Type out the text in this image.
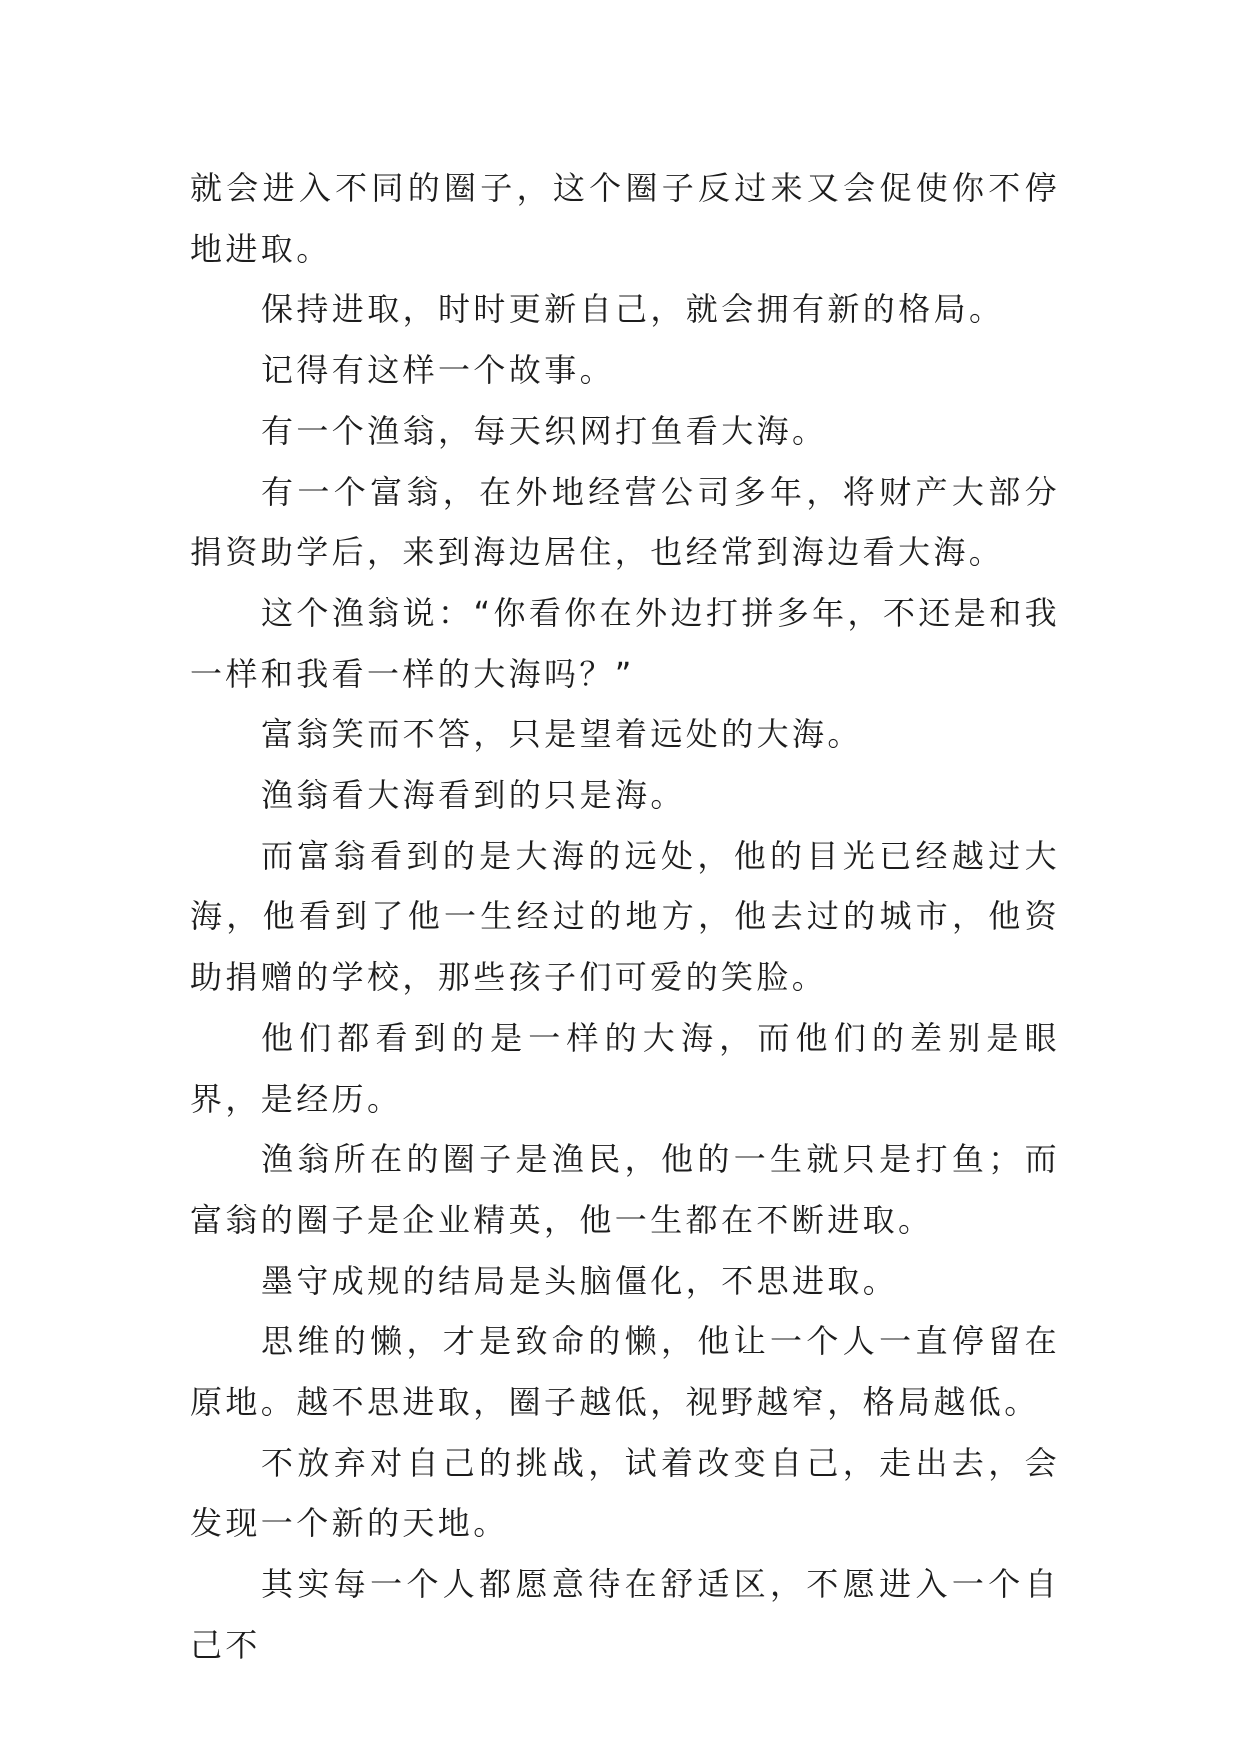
就会进入不同的圈子，这个圈子反过来又会促使你不停地进取。

保持进取，时时更新自己，就会拥有新的格局。

记得有这样一个故事。

有一个渔翁，每天织网打鱼看大海。

有一个富翁，在外地经营公司多年，将财产大部分捐资助学后，来到海边居住，也经常到海边看大海。

这个渔翁说：“你看你在外边打拼多年，不还是和我一样和我看一样的大海吗？”

富翁笑而不答，只是望着远处的大海。

渔翁看大海看到的只是海。

而富翁看到的是大海的远处，他的目光已经越过大海，他看到了他一生经过的地方，他去过的城市，他资助捐赠的学校，那些孩子们可爱的笑脸。

他们都看到的是一样的大海，而他们的差别是眼界，是经历。

渔翁所在的圈子是渔民，他的一生就只是打鱼；而富翁的圈子是企业精英，他一生都在不断进取。

墨守成规的结局是头脑僵化，不思进取。

思维的懒，才是致命的懒，他让一个人一直停留在原地。越不思进取，圈子越低，视野越窄，格局越低。

不放弃对自己的挑战，试着改变自己，走出去，会发现一个新的天地。

其实每一个人都愿意待在舒适区，不愿进入一个自己不
